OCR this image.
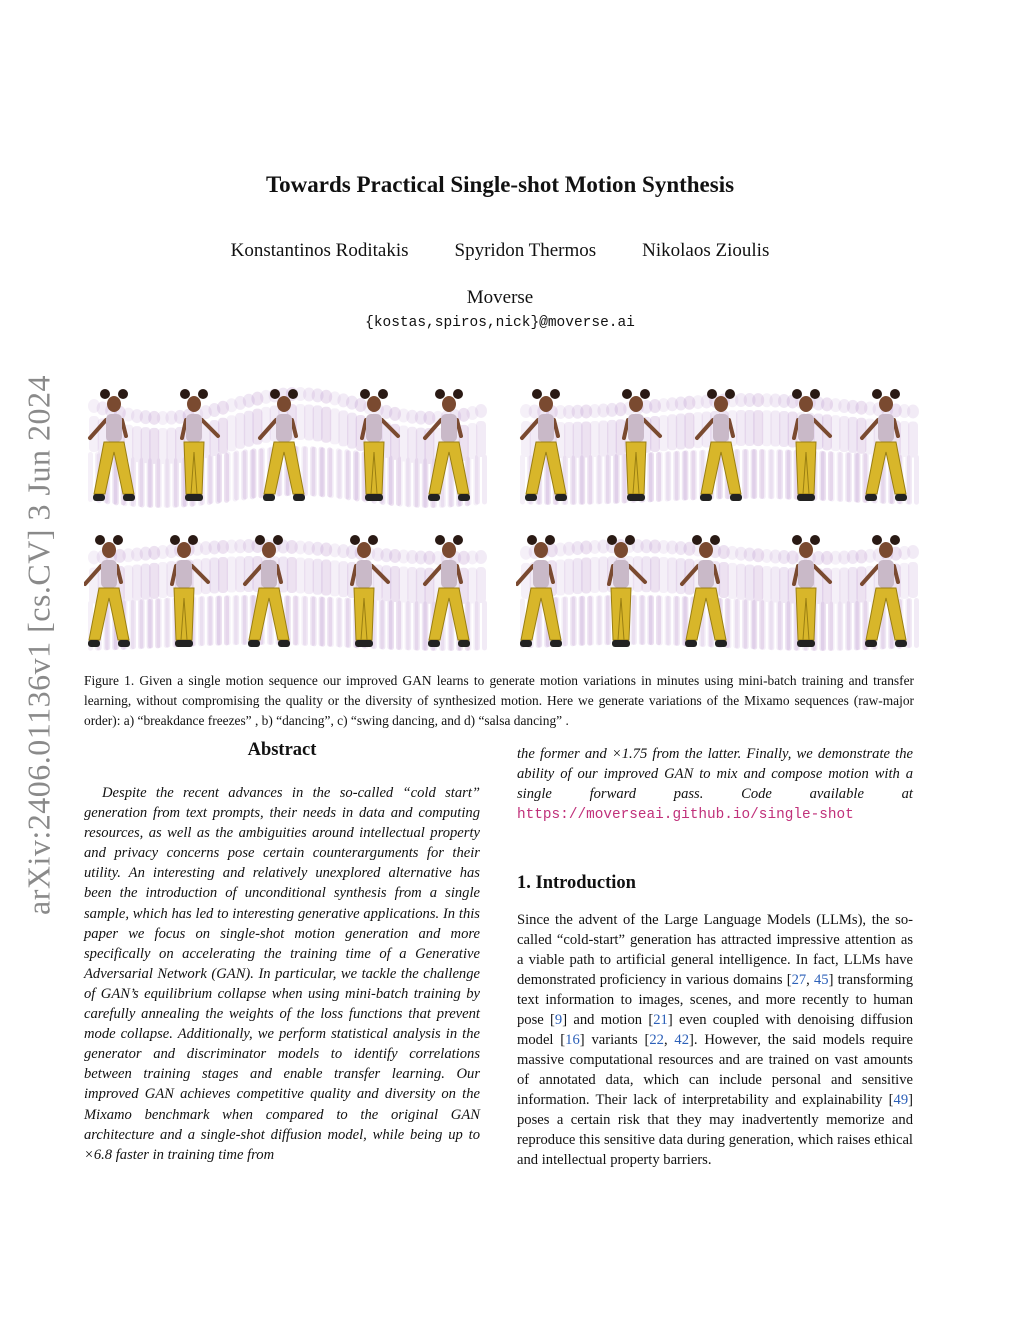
arXiv:2406.01136v1 [cs.CV] 3 Jun 2024
Towards Practical Single-shot Motion Synthesis
Konstantinos Roditakis Spyridon Thermos Nikolaos Zioulis
Moverse
{kostas,spiros,nick}@moverse.ai
Figure 1. Given a single motion sequence our improved GAN learns to generate motion variations in minutes using mini-batch training and transfer learning, without compromising the quality or the diversity of synthesized motion. Here we generate variations of the Mixamo sequences (raw-major order): a) “breakdance freezes” , b) “dancing”, c) “swing dancing, and d) “salsa dancing” .
Abstract

Despite the recent advances in the so-called “cold start” generation from text prompts, their needs in data and computing resources, as well as the ambiguities around intellectual property and privacy concerns pose certain counterarguments for their utility. An interesting and relatively unexplored alternative has been the introduction of unconditional synthesis from a single sample, which has led to interesting generative applications. In this paper we focus on single-shot motion generation and more specifically on accelerating the training time of a Generative Adversarial Network (GAN). In particular, we tackle the challenge of GAN’s equilibrium collapse when using mini-batch training by carefully annealing the weights of the loss functions that prevent mode collapse. Additionally, we perform statistical analysis in the generator and discriminator models to identify correlations between training stages and enable transfer learning. Our improved GAN achieves competitive quality and diversity on the Mixamo benchmark when compared to the original GAN architecture and a single-shot diffusion model, while being up to ×6.8 faster in training time from

the former and ×1.75 from the latter. Finally, we demonstrate the ability of our improved GAN to mix and compose motion with a single forward pass. Code available at https://moverseai.github.io/single-shot

1. Introduction

Since the advent of the Large Language Models (LLMs), the so-called “cold-start” generation has attracted impressive attention as a viable path to artificial general intelligence. In fact, LLMs have demonstrated proficiency in various domains [27, 45] transforming text information to images, scenes, and more recently to human pose [9] and motion [21] even coupled with denoising diffusion model [16] variants [22, 42]. However, the said models require massive computational resources and are trained on vast amounts of annotated data, which can include personal and sensitive information. Their lack of interpretability and explainability [49] poses a certain risk that they may inadvertently memorize and reproduce this sensitive data during generation, which raises ethical and intellectual property barriers.
